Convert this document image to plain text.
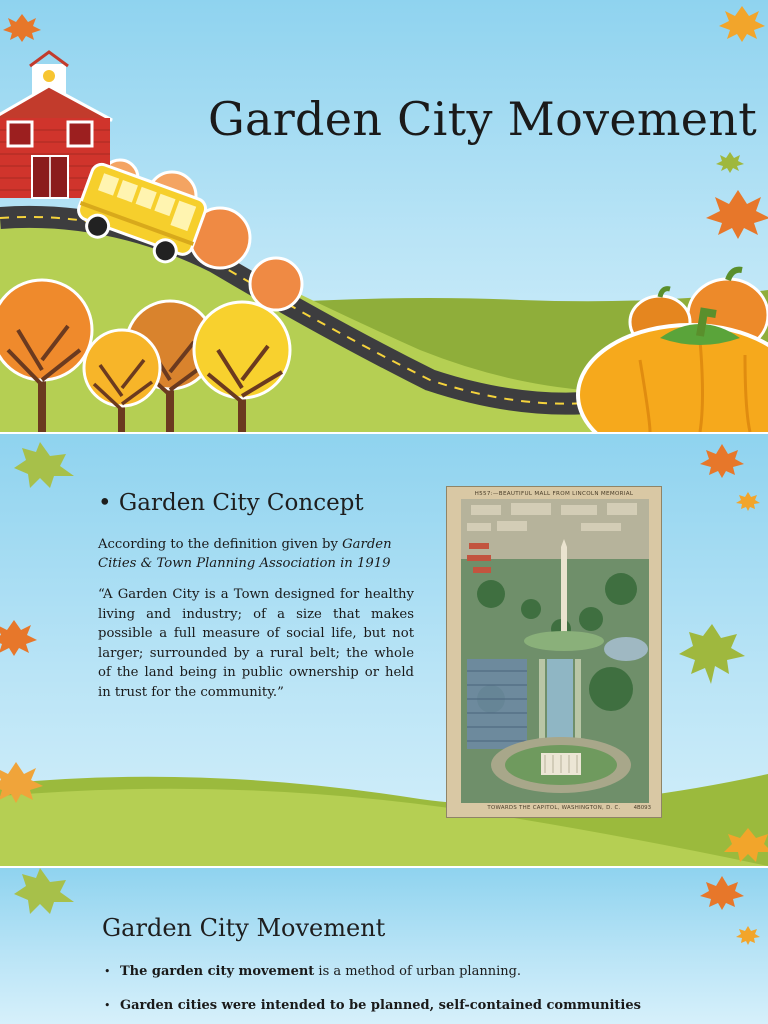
Garden City Movement
• Garden City Concept
According to the definition given by Garden Cities & Town Planning Association in 1919
“A Garden City is a Town designed for healthy living and industry; of a size that makes possible a full measure of social life, but not larger; surrounded by a rural belt; the whole of the land being in public ownership or held in trust for the community.”
H557:—BEAUTIFUL MALL FROM LINCOLN MEMORIAL
TOWARDS THE CAPITOL, WASHINGTON, D. C.	4B093
Garden City Movement
• The garden city movement is a method of urban planning.
• Garden cities were intended to be planned, self-contained communities
